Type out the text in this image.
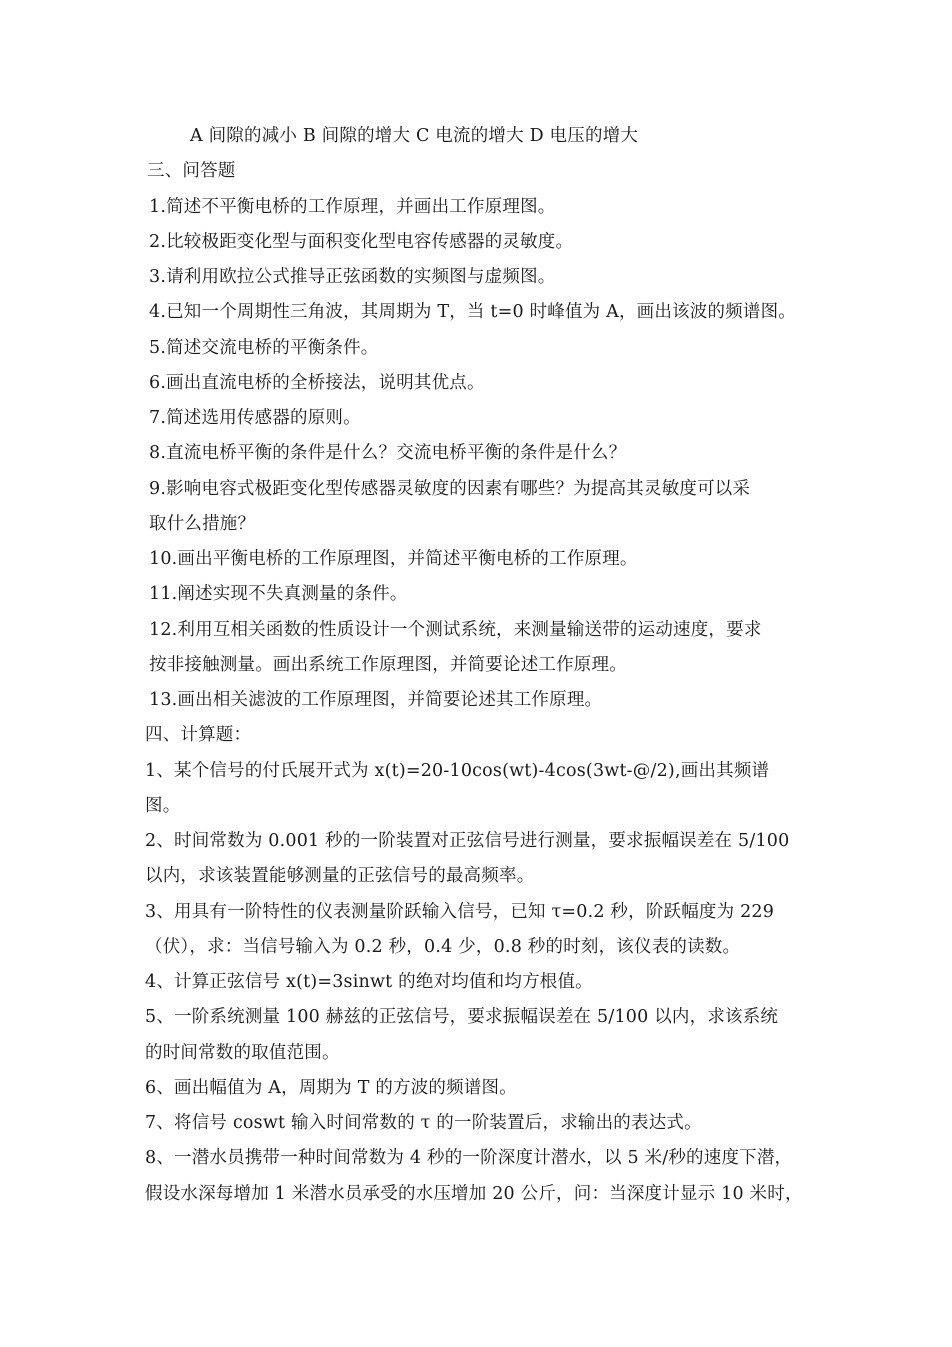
A 间隙的减小 B 间隙的增大 C 电流的增大 D 电压的增大
三、问答题
1.简述不平衡电桥的工作原理，并画出工作原理图。
2.比较极距变化型与面积变化型电容传感器的灵敏度。
3.请利用欧拉公式推导正弦函数的实频图与虚频图。
4.已知一个周期性三角波，其周期为 T，当 t=0 时峰值为 A，画出该波的频谱图。
5.简述交流电桥的平衡条件。
6.画出直流电桥的全桥接法，说明其优点。
7.简述选用传感器的原则。
8.直流电桥平衡的条件是什么？交流电桥平衡的条件是什么？
9.影响电容式极距变化型传感器灵敏度的因素有哪些？为提高其灵敏度可以采
取什么措施？
10.画出平衡电桥的工作原理图，并简述平衡电桥的工作原理。
11.阐述实现不失真测量的条件。
12.利用互相关函数的性质设计一个测试系统，来测量输送带的运动速度，要求
按非接触测量。画出系统工作原理图，并简要论述工作原理。
13.画出相关滤波的工作原理图，并简要论述其工作原理。
四、计算题：
1、某个信号的付氏展开式为 x(t)=20-10cos(wt)-4cos(3wt-@/2),画出其频谱
图。
2、时间常数为 0.001 秒的一阶装置对正弦信号进行测量，要求振幅误差在 5/100
以内，求该装置能够测量的正弦信号的最高频率。
3、用具有一阶特性的仪表测量阶跃输入信号，已知 τ=0.2 秒，阶跃幅度为 229
（伏），求：当信号输入为 0.2 秒，0.4 少，0.8 秒的时刻，该仪表的读数。
4、计算正弦信号 x(t)=3sinwt 的绝对均值和均方根值。
5、一阶系统测量 100 赫兹的正弦信号，要求振幅误差在 5/100 以内，求该系统
的时间常数的取值范围。
6、画出幅值为 A，周期为 T 的方波的频谱图。
7、将信号 coswt 输入时间常数的 τ 的一阶装置后，求输出的表达式。
8、一潜水员携带一种时间常数为 4 秒的一阶深度计潜水，以 5 米/秒的速度下潜，
假设水深每增加 1 米潜水员承受的水压增加 20 公斤，问：当深度计显示 10 米时，
